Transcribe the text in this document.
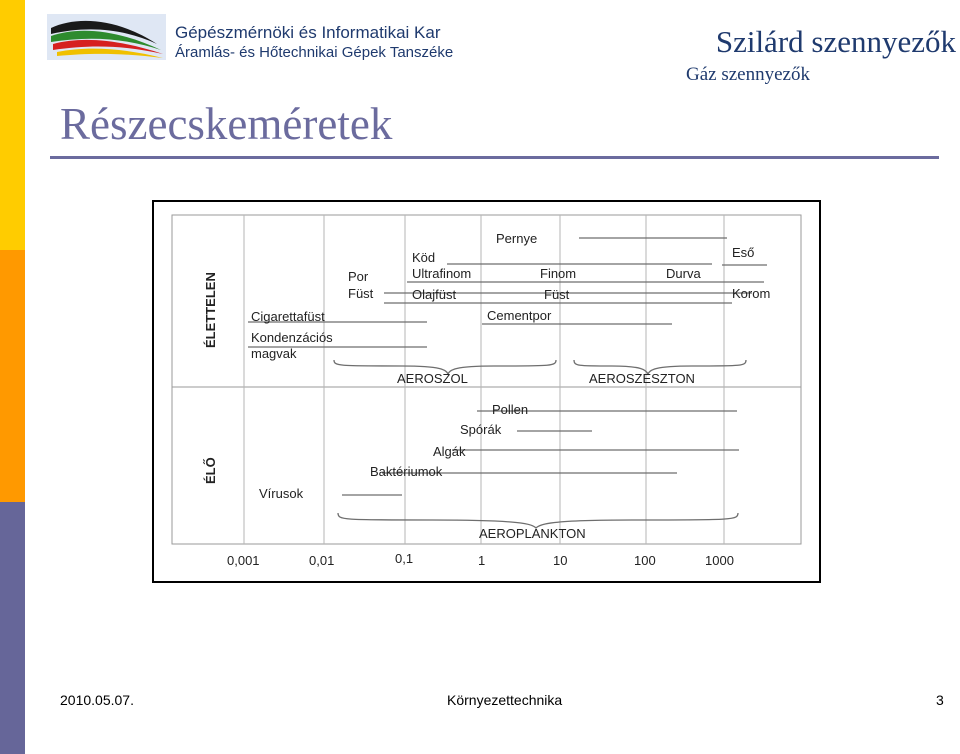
Gépészmérnöki és Informatikai Kar
Áramlás- és Hőtechnikai Gépek Tanszéke	Szilárd szennyezők
Gáz szennyezők
Részecskeméretek
ÉLETTELEN
ÉLŐ
Pernye
Eső
Köd
Por	Ultrafinom	Finom	Durva
Füst	Olajfüst	Füst	Korom
Cigarettafüst	Cementpor
Kondenzációs
magvak
AEROSZOL	AEROSZESZTON
Pollen
Spórák
Algák
Baktériumok
Vírusok
AEROPLANKTON
0,001	0,01	0,1	1	10	100	1000
2010.05.07.	Környezettechnika	3
